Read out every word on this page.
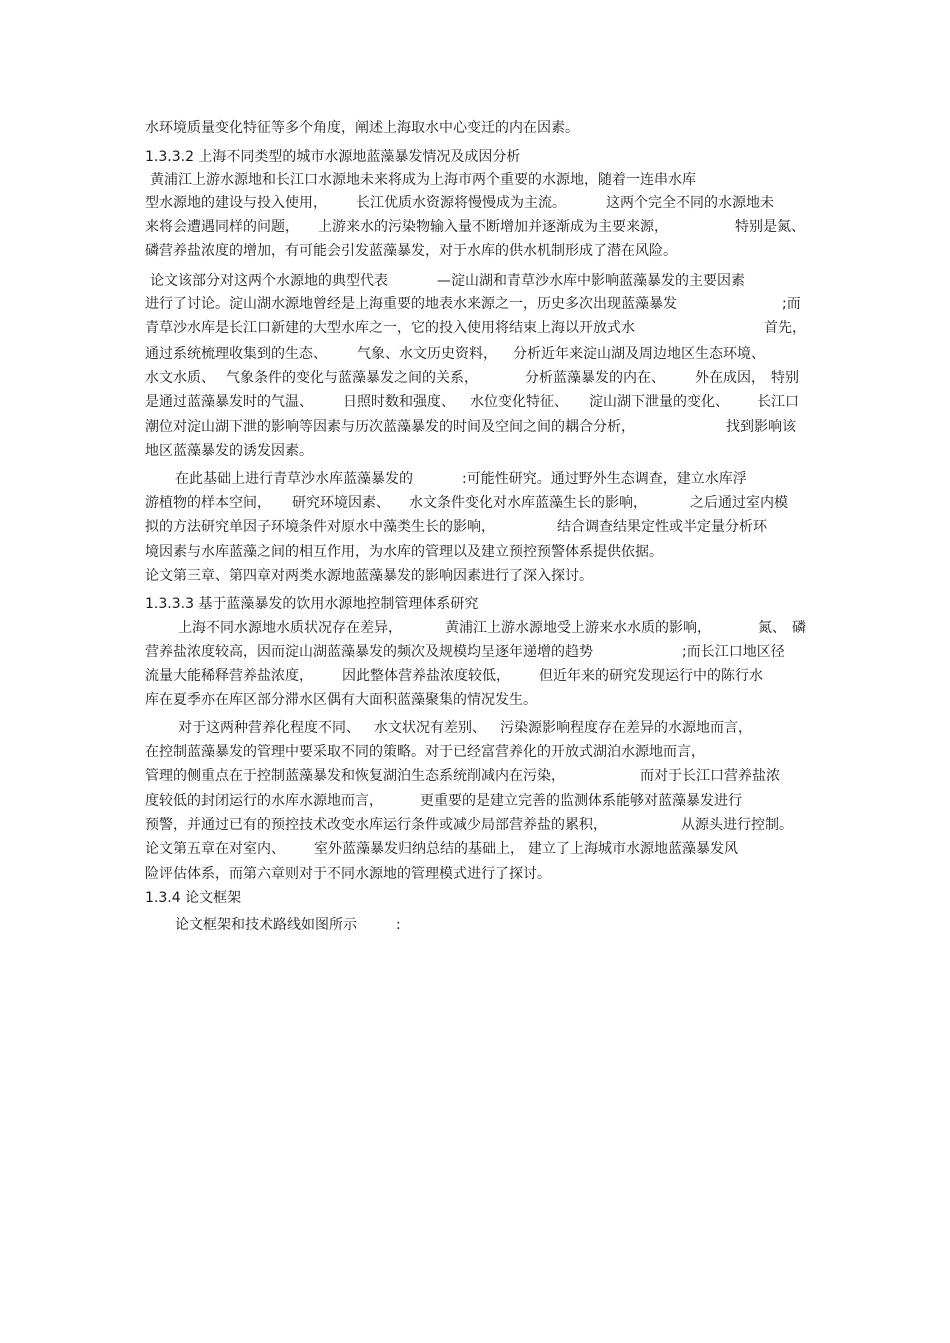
水环境质量变化特征等多个角度，阐述上海取水中心变迁的内在因素。
1.3.3.2 上海不同类型的城市水源地蓝藻暴发情况及成因分析
黄浦江上游水源地和长江口水源地未来将成为上海市两个重要的水源地，随着一连串水库
型水源地的建设与投入使用， 长江优质水资源将慢慢成为主流。	这两个完全不同的水源地未
来将会遭遇同样的问题， 上游来水的污染物输入量不断增加并逐渐成为主要来源，	特别是氮、
磷营养盐浓度的增加，有可能会引发蓝藻暴发，对于水库的供水机制形成了潜在风险。
论文该部分对这两个水源地的典型代表	—淀山湖和青草沙水库中影响蓝藻暴发的主要因素
进行了讨论。淀山湖水源地曾经是上海重要的地表水来源之一，历史多次出现蓝藻暴发	;而
青草沙水库是长江口新建的大型水库之一，它的投入使用将结束上海以开放式水	首先，
通过系统梳理收集到的生态、 气象、水文历史资料， 分析近年来淀山湖及周边地区生态环境、
水文水质、 气象条件的变化与蓝藻暴发之间的关系，	分析蓝藻暴发的内在、 外在成因， 特别
是通过蓝藻暴发时的气温、 日照时数和强度、 水位变化特征、 淀山湖下泄量的变化、 长江口
潮位对淀山湖下泄的影响等因素与历次蓝藻暴发的时间及空间之间的耦合分析，	找到影响该
地区蓝藻暴发的诱发因素。
在此基础上进行青草沙水库蓝藻暴发的	:可能性研究。通过野外生态调查，建立水库浮
游植物的样本空间， 研究环境因素、 水文条件变化对水库蓝藻生长的影响，	之后通过室内模
拟的方法研究单因子环境条件对原水中藻类生长的影响，	结合调查结果定性或半定量分析环
境因素与水库蓝藻之间的相互作用，为水库的管理以及建立预控预警体系提供依据。
论文第三章、第四章对两类水源地蓝藻暴发的影响因素进行了深入探讨。
1.3.3.3 基于蓝藻暴发的饮用水源地控制管理体系研究
上海不同水源地水质状况存在差异，	黄浦江上游水源地受上游来水水质的影响，	氮、 磷
营养盐浓度较高，因而淀山湖蓝藻暴发的频次及规模均呈逐年递增的趋势	;而长江口地区径
流量大能稀释营养盐浓度， 因此整体营养盐浓度较低， 但近年来的研究发现运行中的陈行水
库在夏季亦在库区部分滞水区偶有大面积蓝藻聚集的情况发生。
对于这两种营养化程度不同、 水文状况有差别、 污染源影响程度存在差异的水源地而言，
在控制蓝藻暴发的管理中要采取不同的策略。对于已经富营养化的开放式湖泊水源地而言，
管理的侧重点在于控制蓝藻暴发和恢复湖泊生态系统削减内在污染，	而对于长江口营养盐浓
度较低的封闭运行的水库水源地而言，	更重要的是建立完善的监测体系能够对蓝藻暴发进行
预警，并通过已有的预控技术改变水库运行条件或减少局部营养盐的累积，	从源头进行控制。
论文第五章在对室内、 室外蓝藻暴发归纳总结的基础上， 建立了上海城市水源地蓝藻暴发风
险评估体系，而第六章则对于不同水源地的管理模式进行了探讨。
1.3.4 论文框架
论文框架和技术路线如图所示	:
